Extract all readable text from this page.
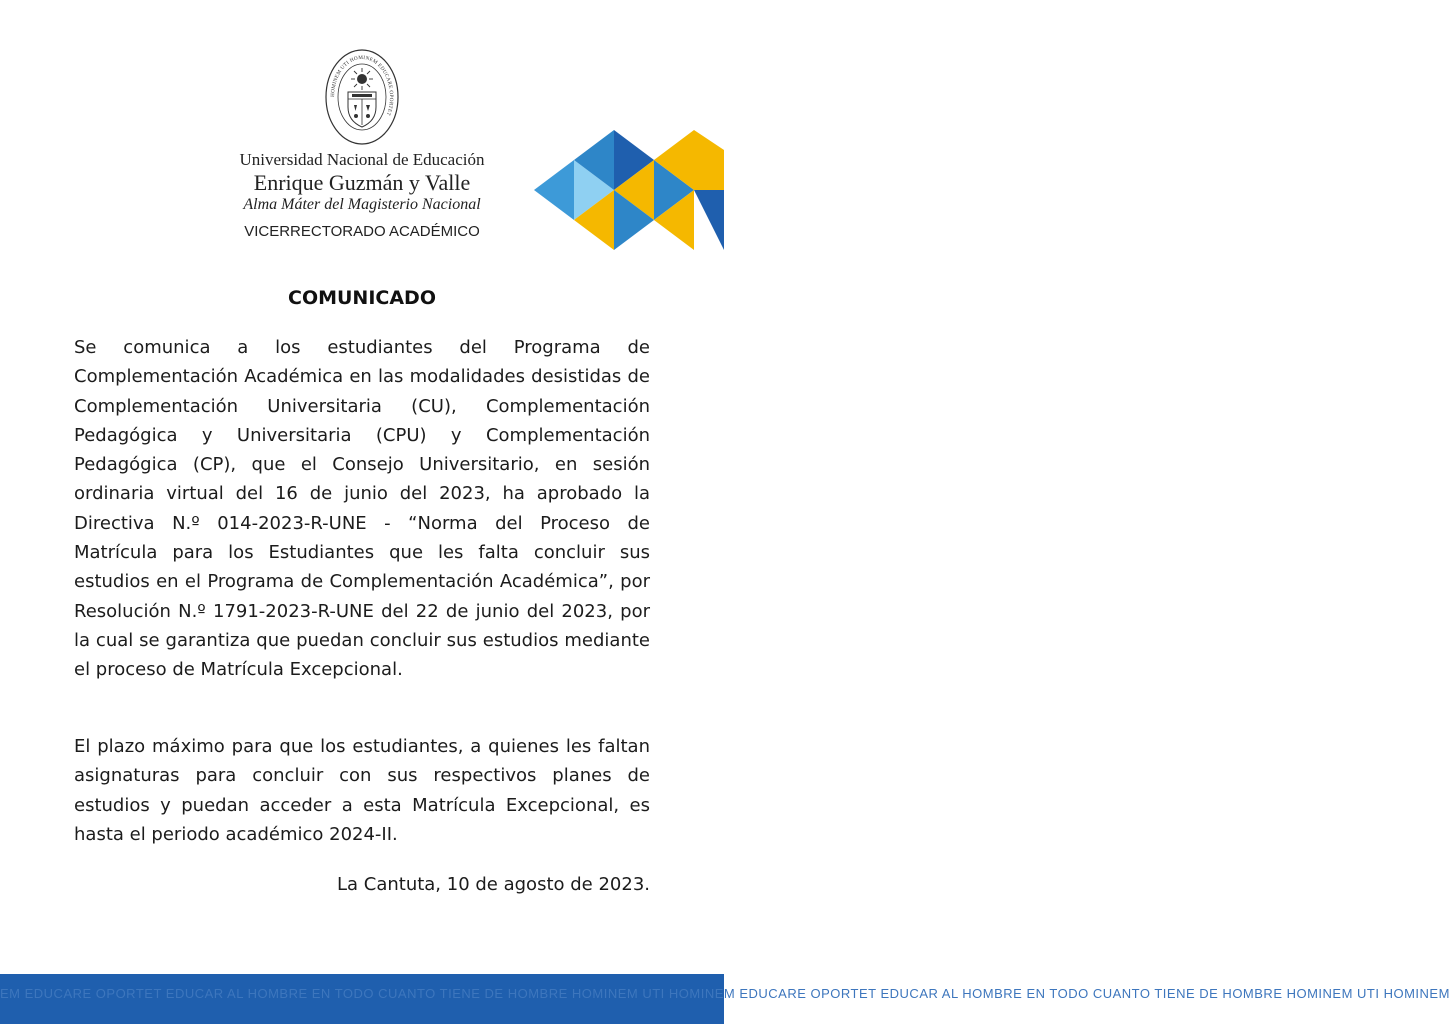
HOMINEM UTI HOMINEM EDUCARE OPORTET
Universidad Nacional de Educación
Enrique Guzmán y Valle
Alma Máter del Magisterio Nacional
VICERRECTORADO ACADÉMICO
COMUNICADO
Se comunica a los estudiantes del Programa de Complementación Académica en las modalidades desistidas de Complementación Universitaria (CU), Complementación Pedagógica y Universitaria (CPU) y Complementación Pedagógica (CP), que el Consejo Universitario, en sesión ordinaria virtual del 16 de junio del 2023, ha aprobado la Directiva N.º 014-2023-R-UNE - “Norma del Proceso de Matrícula para los Estudiantes que les falta concluir sus estudios en el Programa de Complementación Académica”, por Resolución N.º 1791-2023-R-UNE del 22 de junio del 2023, por la cual se garantiza que puedan concluir sus estudios mediante el proceso de Matrícula Excepcional.
El plazo máximo para que los estudiantes, a quienes les faltan asignaturas para concluir con sus respectivos planes de estudios y puedan acceder a esta Matrícula Excepcional, es hasta el periodo académico 2024-II.
La Cantuta, 10 de agosto de 2023.
EM EDUCARE OPORTET EDUCAR AL HOMBRE EN TODO CUANTO TIENE DE HOMBRE HOMINEM UTI HOMINEM EDUCARE OPORTET EDUCAR AL HOMBRE EN TODO CUANTO TIENE DE HOMBRE HOMINEM UTI HOMINEM
